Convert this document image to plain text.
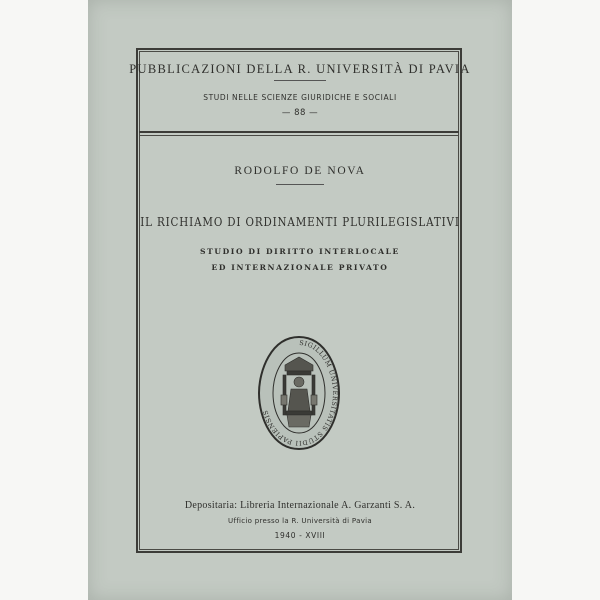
PUBBLICAZIONI DELLA R. UNIVERSITÀ DI PAVIA
STUDI NELLE SCIENZE GIURIDICHE E SOCIALI
— 88 —
RODOLFO DE NOVA
IL RICHIAMO DI ORDINAMENTI PLURILEGISLATIVI
STUDIO DI DIRITTO INTERLOCALE
ED INTERNAZIONALE PRIVATO
SIGILLUM UNIVERSITATIS STUDII PAPIENSIS
Depositaria: Libreria Internazionale A. Garzanti S. A.
Ufficio presso la R. Università di Pavia
1940 - XVIII
